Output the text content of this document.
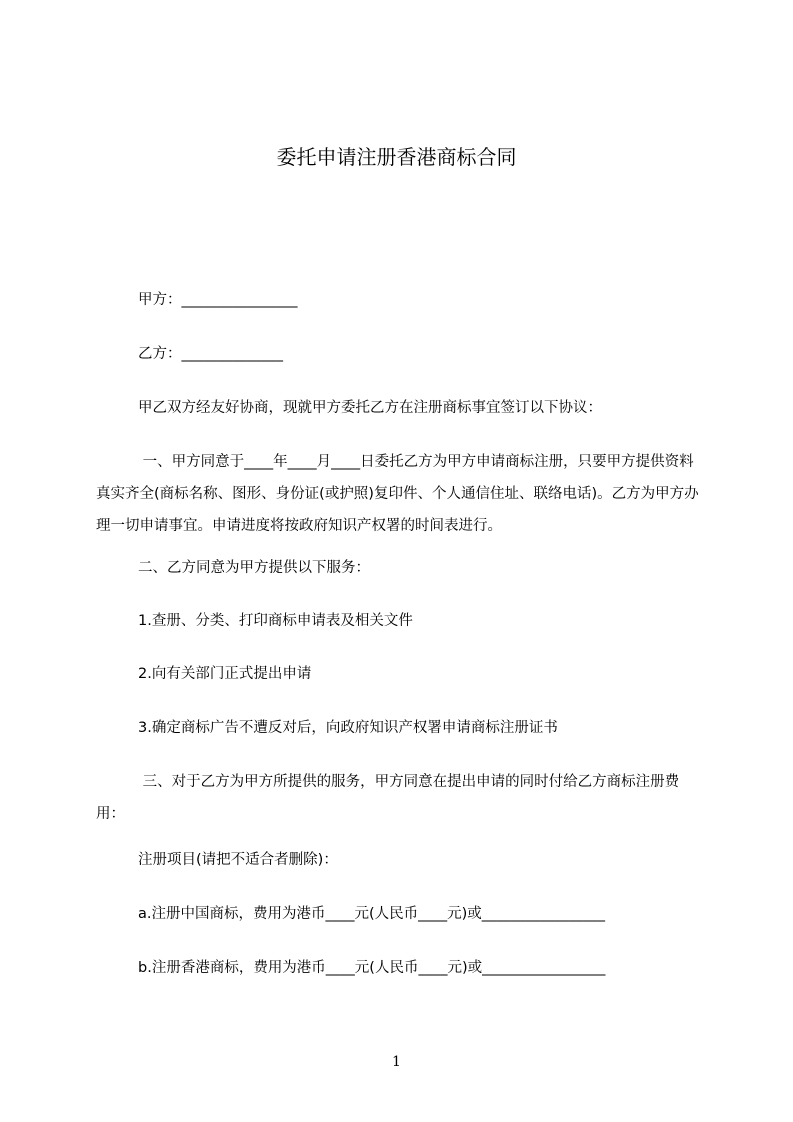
委托申请注册香港商标合同
甲方：________________
乙方：______________
甲乙双方经友好协商，现就甲方委托乙方在注册商标事宜签订以下协议：
一、甲方同意于____年____月____日委托乙方为甲方申请商标注册，只要甲方提供资料真实齐全(商标名称、图形、身份证(或护照)复印件、个人通信住址、联络电话)。乙方为甲方办理一切申请事宜。申请进度将按政府知识产权署的时间表进行。
二、乙方同意为甲方提供以下服务：
1.查册、分类、打印商标申请表及相关文件
2.向有关部门正式提出申请
3.确定商标广告不遭反对后，向政府知识产权署申请商标注册证书
三、对于乙方为甲方所提供的服务，甲方同意在提出申请的同时付给乙方商标注册费用：
注册项目(请把不适合者删除)：
a.注册中国商标，费用为港币____元(人民币____元)或_________________
b.注册香港商标，费用为港币____元(人民币____元)或_________________
1
